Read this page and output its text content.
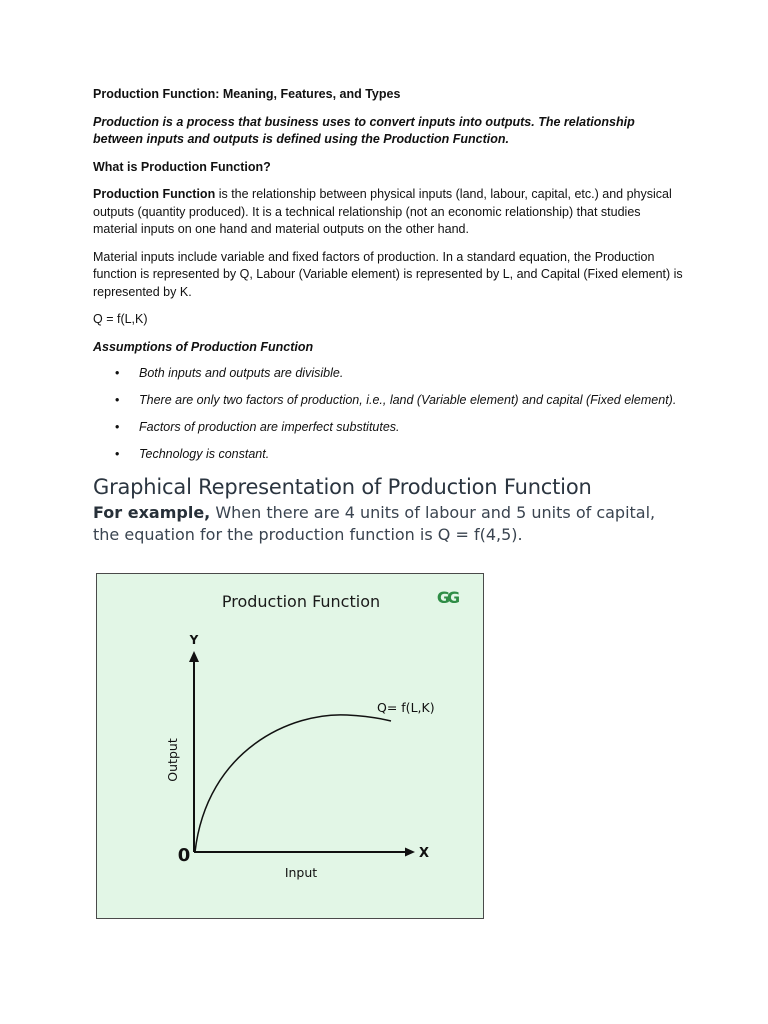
Production Function: Meaning, Features, and Types

Production is a process that business uses to convert inputs into outputs. The relationship between inputs and outputs is defined using the Production Function.

What is Production Function?

Production Function is the relationship between physical inputs (land, labour, capital, etc.) and physical outputs (quantity produced). It is a technical relationship (not an economic relationship) that studies material inputs on one hand and material outputs on the other hand.

Material inputs include variable and fixed factors of production. In a standard equation, the Production function is represented by Q, Labour (Variable element) is represented by L, and Capital (Fixed element) is represented by K.

Q = f(L,K)

Assumptions of Production Function

• Both inputs and outputs are divisible.
• There are only two factors of production, i.e., land (Variable element) and capital (Fixed element).
• Factors of production are imperfect substitutes.
• Technology is constant.
Graphical Representation of Production Function

For example, When there are 4 units of labour and 5 units of capital, the equation for the production function is Q = f(4,5).

Production Function	GG
Y
X
0
Output
Input
Q= f(L,K)
